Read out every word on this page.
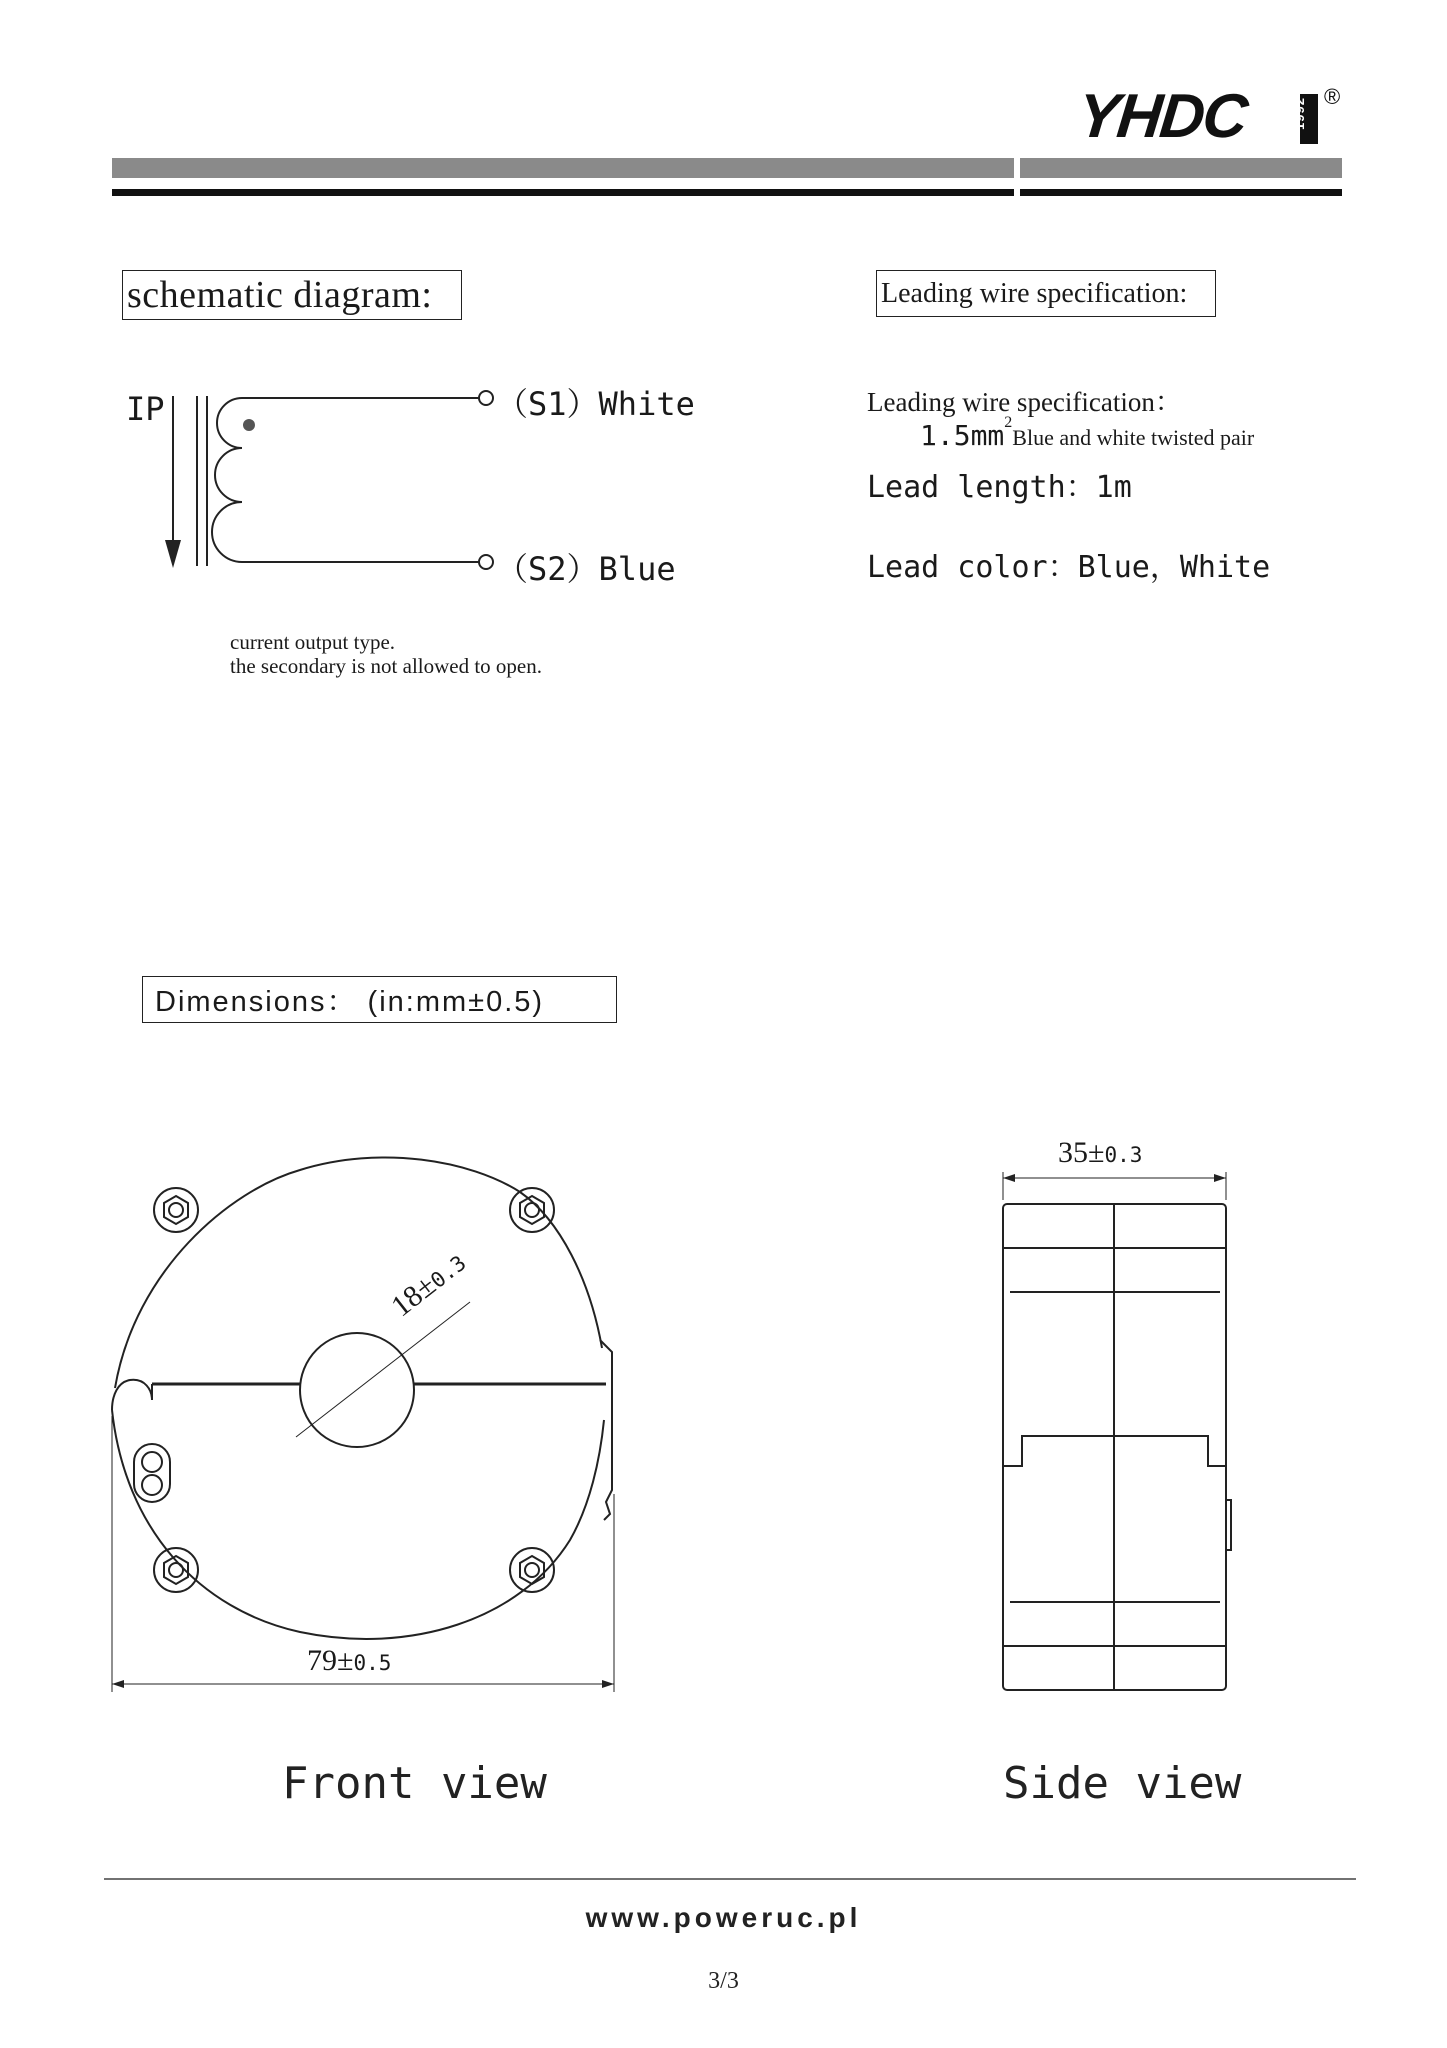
YHDC	1992
®
schematic diagram:
IP	（S1）White
（S2）Blue
current output type.
the secondary is not allowed to open.
Leading wire specification:
Leading wire specification：
$1.5mm^2Blue$ and white twisted pair
Lead length：1m
Lead color：Blue，White
Dimensions： (in:mm±0.5)
35±0.3
18±0.3
79±0.5
Front view	Side view
www.poweruc.pl
3/3
